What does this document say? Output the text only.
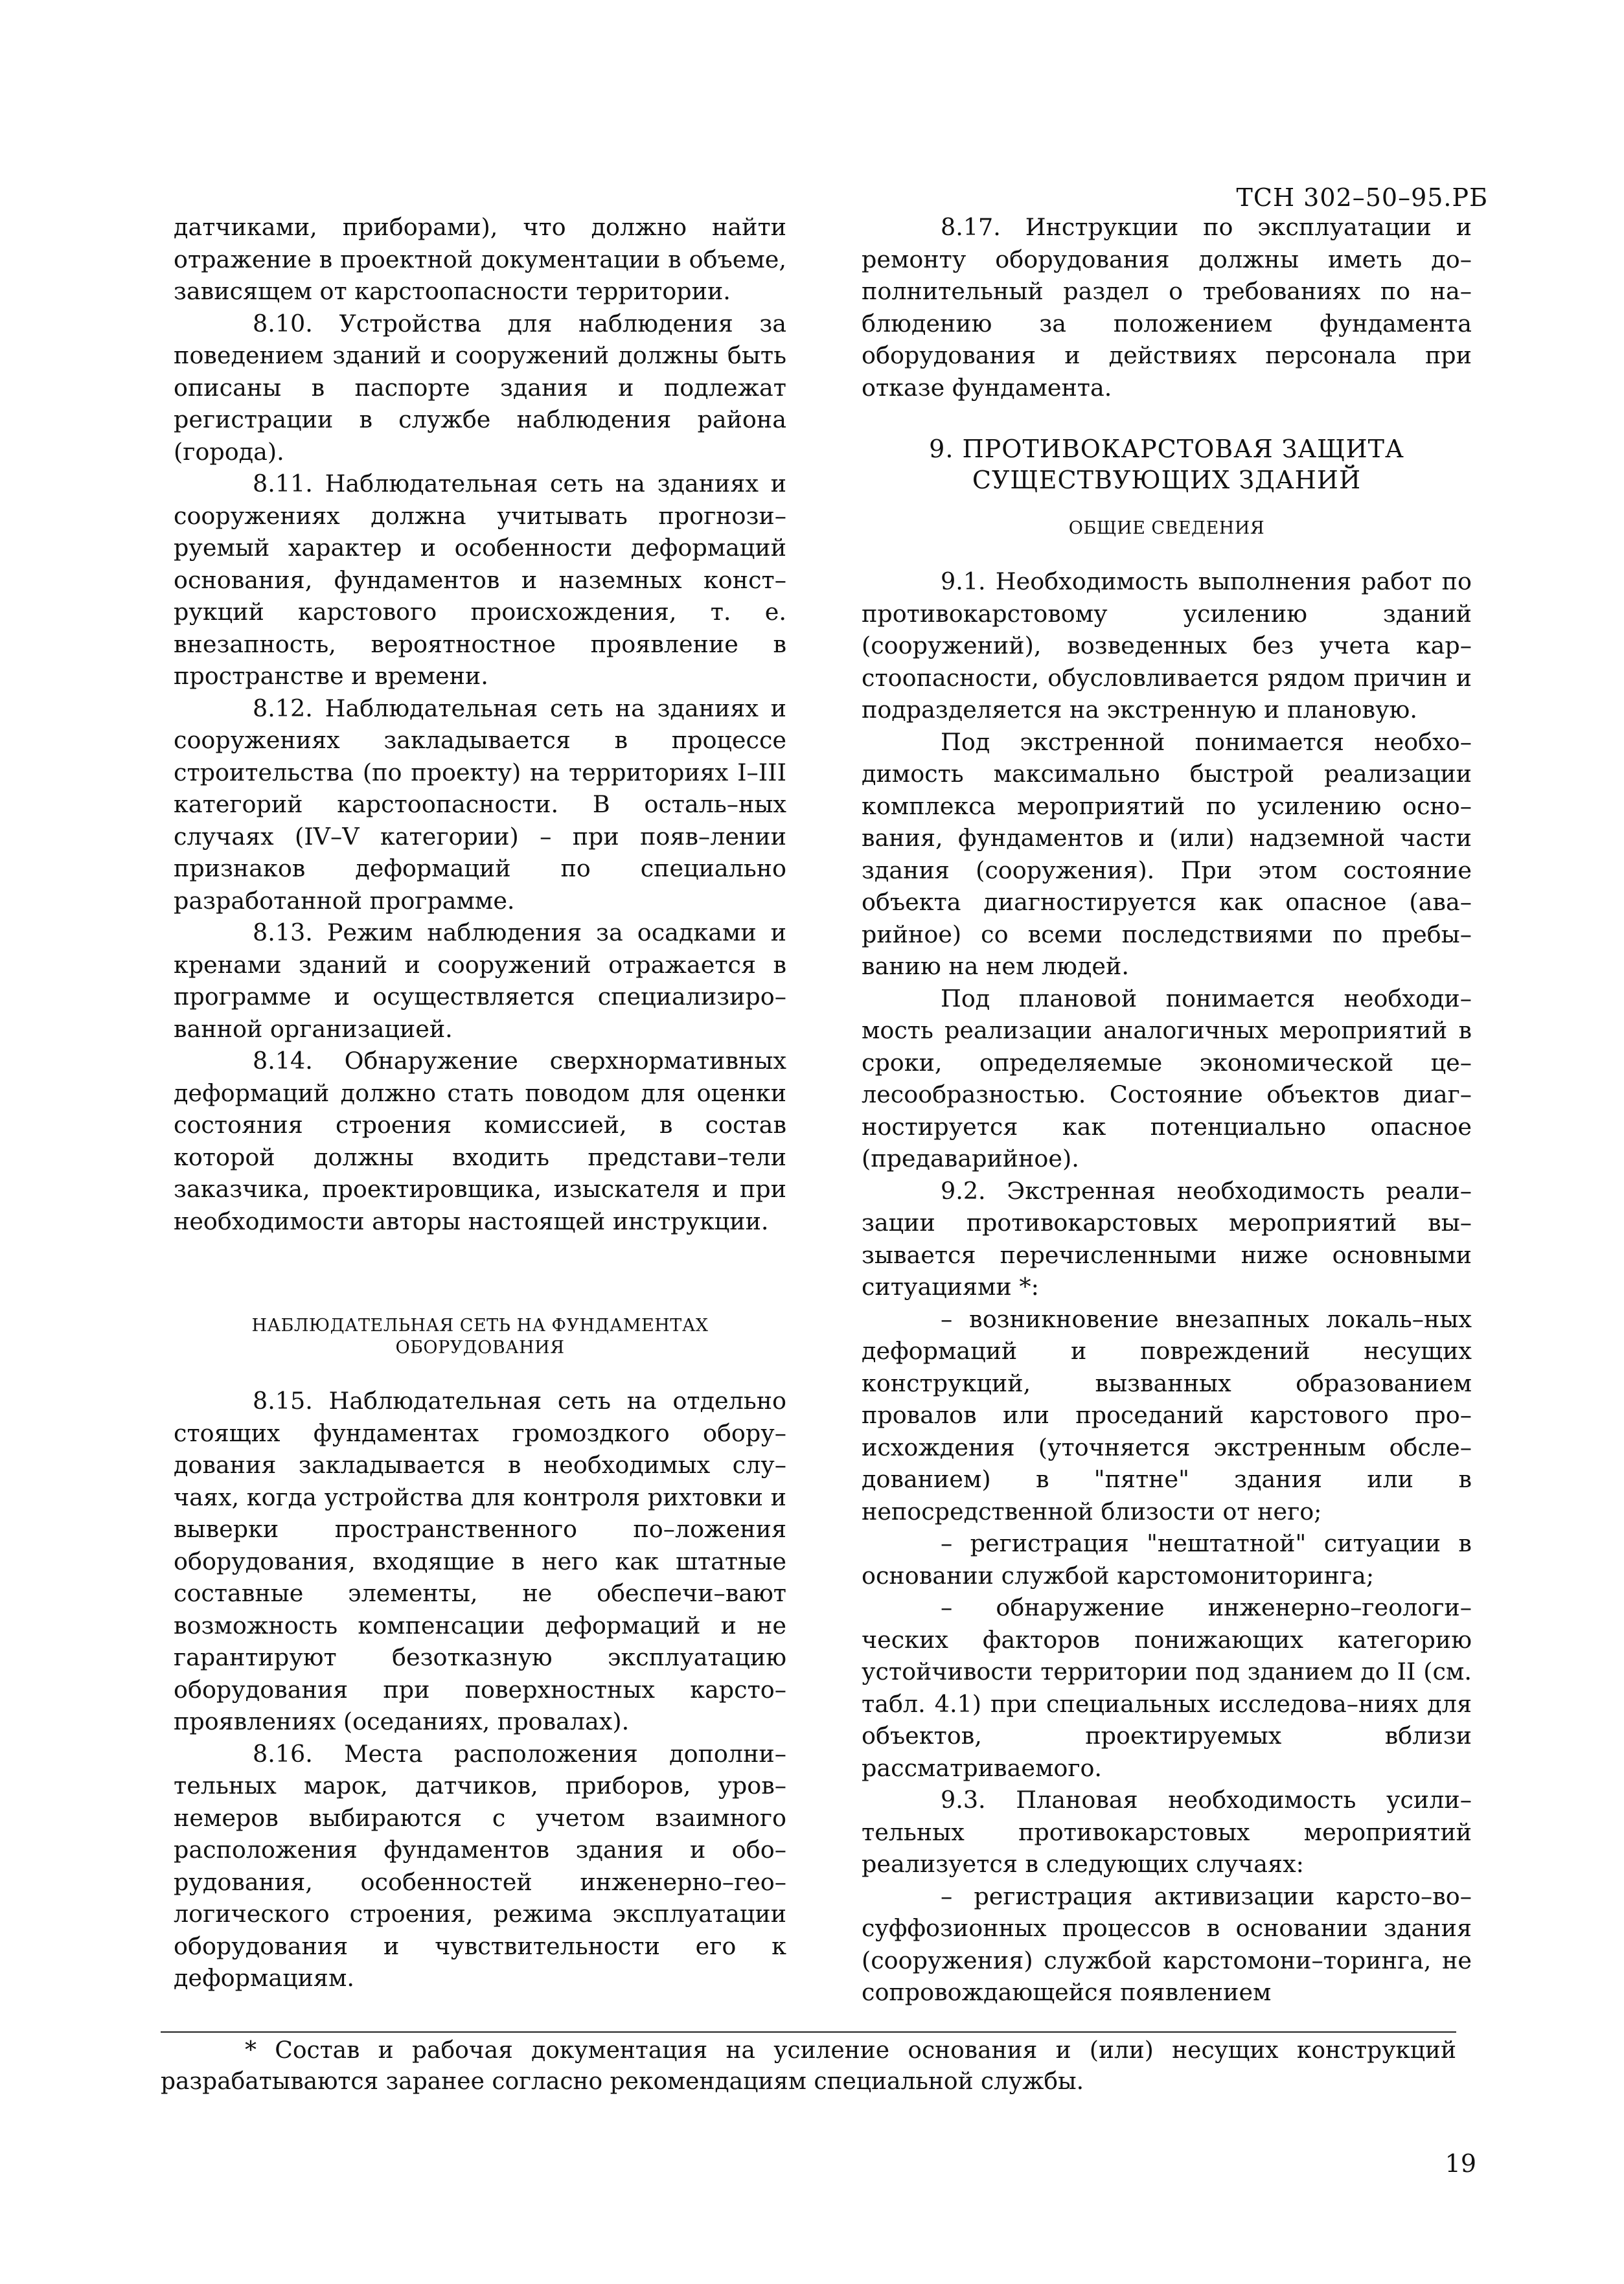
ТСН 302–50–95.РБ

датчиками, приборами), что должно найти отражение в проектной документации в объеме, зависящем от карстоопасности территории.

8.10. Устройства для наблюдения за поведением зданий и сооружений должны быть описаны в паспорте здания и подлежат регистрации в службе наблюдения района (города).

8.11. Наблюдательная сеть на зданиях и сооружениях должна учитывать прогнози–руемый характер и особенности деформаций основания, фундаментов и наземных конст–рукций карстового происхождения, т. е. внезапность, вероятностное проявление в пространстве и времени.

8.12. Наблюдательная сеть на зданиях и сооружениях закладывается в процессе строительства (по проекту) на территориях I–III категорий карстоопасности. В осталь–ных случаях (IV–V категории) – при появ–лении признаков деформаций по специально разработанной программе.

8.13. Режим наблюдения за осадками и кренами зданий и сооружений отражается в программе и осуществляется специализиро–ванной организацией.

8.14. Обнаружение сверхнормативных деформаций должно стать поводом для оценки состояния строения комиссией, в состав которой должны входить представи–тели заказчика, проектировщика, изыскателя и при необходимости авторы настоящей инструкции.

НАБЛЮДАТЕЛЬНАЯ СЕТЬ НА ФУНДАМЕНТАХ ОБОРУДОВАНИЯ

8.15. Наблюдательная сеть на отдельно стоящих фундаментах громоздкого обору–дования закладывается в необходимых слу–чаях, когда устройства для контроля рихтовки и выверки пространственного по–ложения оборудования, входящие в него как штатные составные элементы, не обеспечи–вают возможность компенсации деформаций и не гарантируют безотказную эксплуатацию оборудования при поверхностных карсто–проявлениях (оседаниях, провалах).

8.16. Места расположения дополни–тельных марок, датчиков, приборов, уров–немеров выбираются с учетом взаимного расположения фундаментов здания и обо–рудования, особенностей инженерно–гео–логического строения, режима эксплуатации оборудования и чувствительности его к деформациям.

8.17. Инструкции по эксплуатации и ремонту оборудования должны иметь до–полнительный раздел о требованиях по на–блюдению за положением фундамента оборудования и действиях персонала при отказе фундамента.

9. ПРОТИВОКАРСТОВАЯ ЗАЩИТА СУЩЕСТВУЮЩИХ ЗДАНИЙ
ОБЩИЕ СВЕДЕНИЯ

9.1. Необходимость выполнения работ по противокарстовому усилению зданий (сооружений), возведенных без учета кар–стоопасности, обусловливается рядом причин и подразделяется на экстренную и плановую.

Под экстренной понимается необхо–димость максимально быстрой реализации комплекса мероприятий по усилению осно–вания, фундаментов и (или) надземной части здания (сооружения). При этом состояние объекта диагностируется как опасное (ава–рийное) со всеми последствиями по пребы–ванию на нем людей.

Под плановой понимается необходи–мость реализации аналогичных мероприятий в сроки, определяемые экономической це–лесообразностью. Состояние объектов диаг–ностируется как потенциально опасное (предаварийное).

9.2. Экстренная необходимость реали–зации противокарстовых мероприятий вы–зывается перечисленными ниже основными ситуациями *:

– возникновение внезапных локаль–ных деформаций и повреждений несущих конструкций, вызванных образованием провалов или проседаний карстового про–исхождения (уточняется экстренным обсле–дованием) в "пятне" здания или в непосредственной близости от него;

– регистрация "нештатной" ситуации в основании службой карстомониторинга;

– обнаружение инженерно–геологи–ческих факторов понижающих категорию устойчивости территории под зданием до II (см. табл. 4.1) при специальных исследова–ниях для объектов, проектируемых вблизи рассматриваемого.

9.3. Плановая необходимость усили–тельных противокарстовых мероприятий реализуется в следующих случаях:

– регистрация активизации карсто–во–суффозионных процессов в основании здания (сооружения) службой карстомони–торинга, не сопровождающейся появлением

* Состав и рабочая документация на усиление основания и (или) несущих конструкций разрабатываются заранее согласно рекомендациям специальной службы.

19
